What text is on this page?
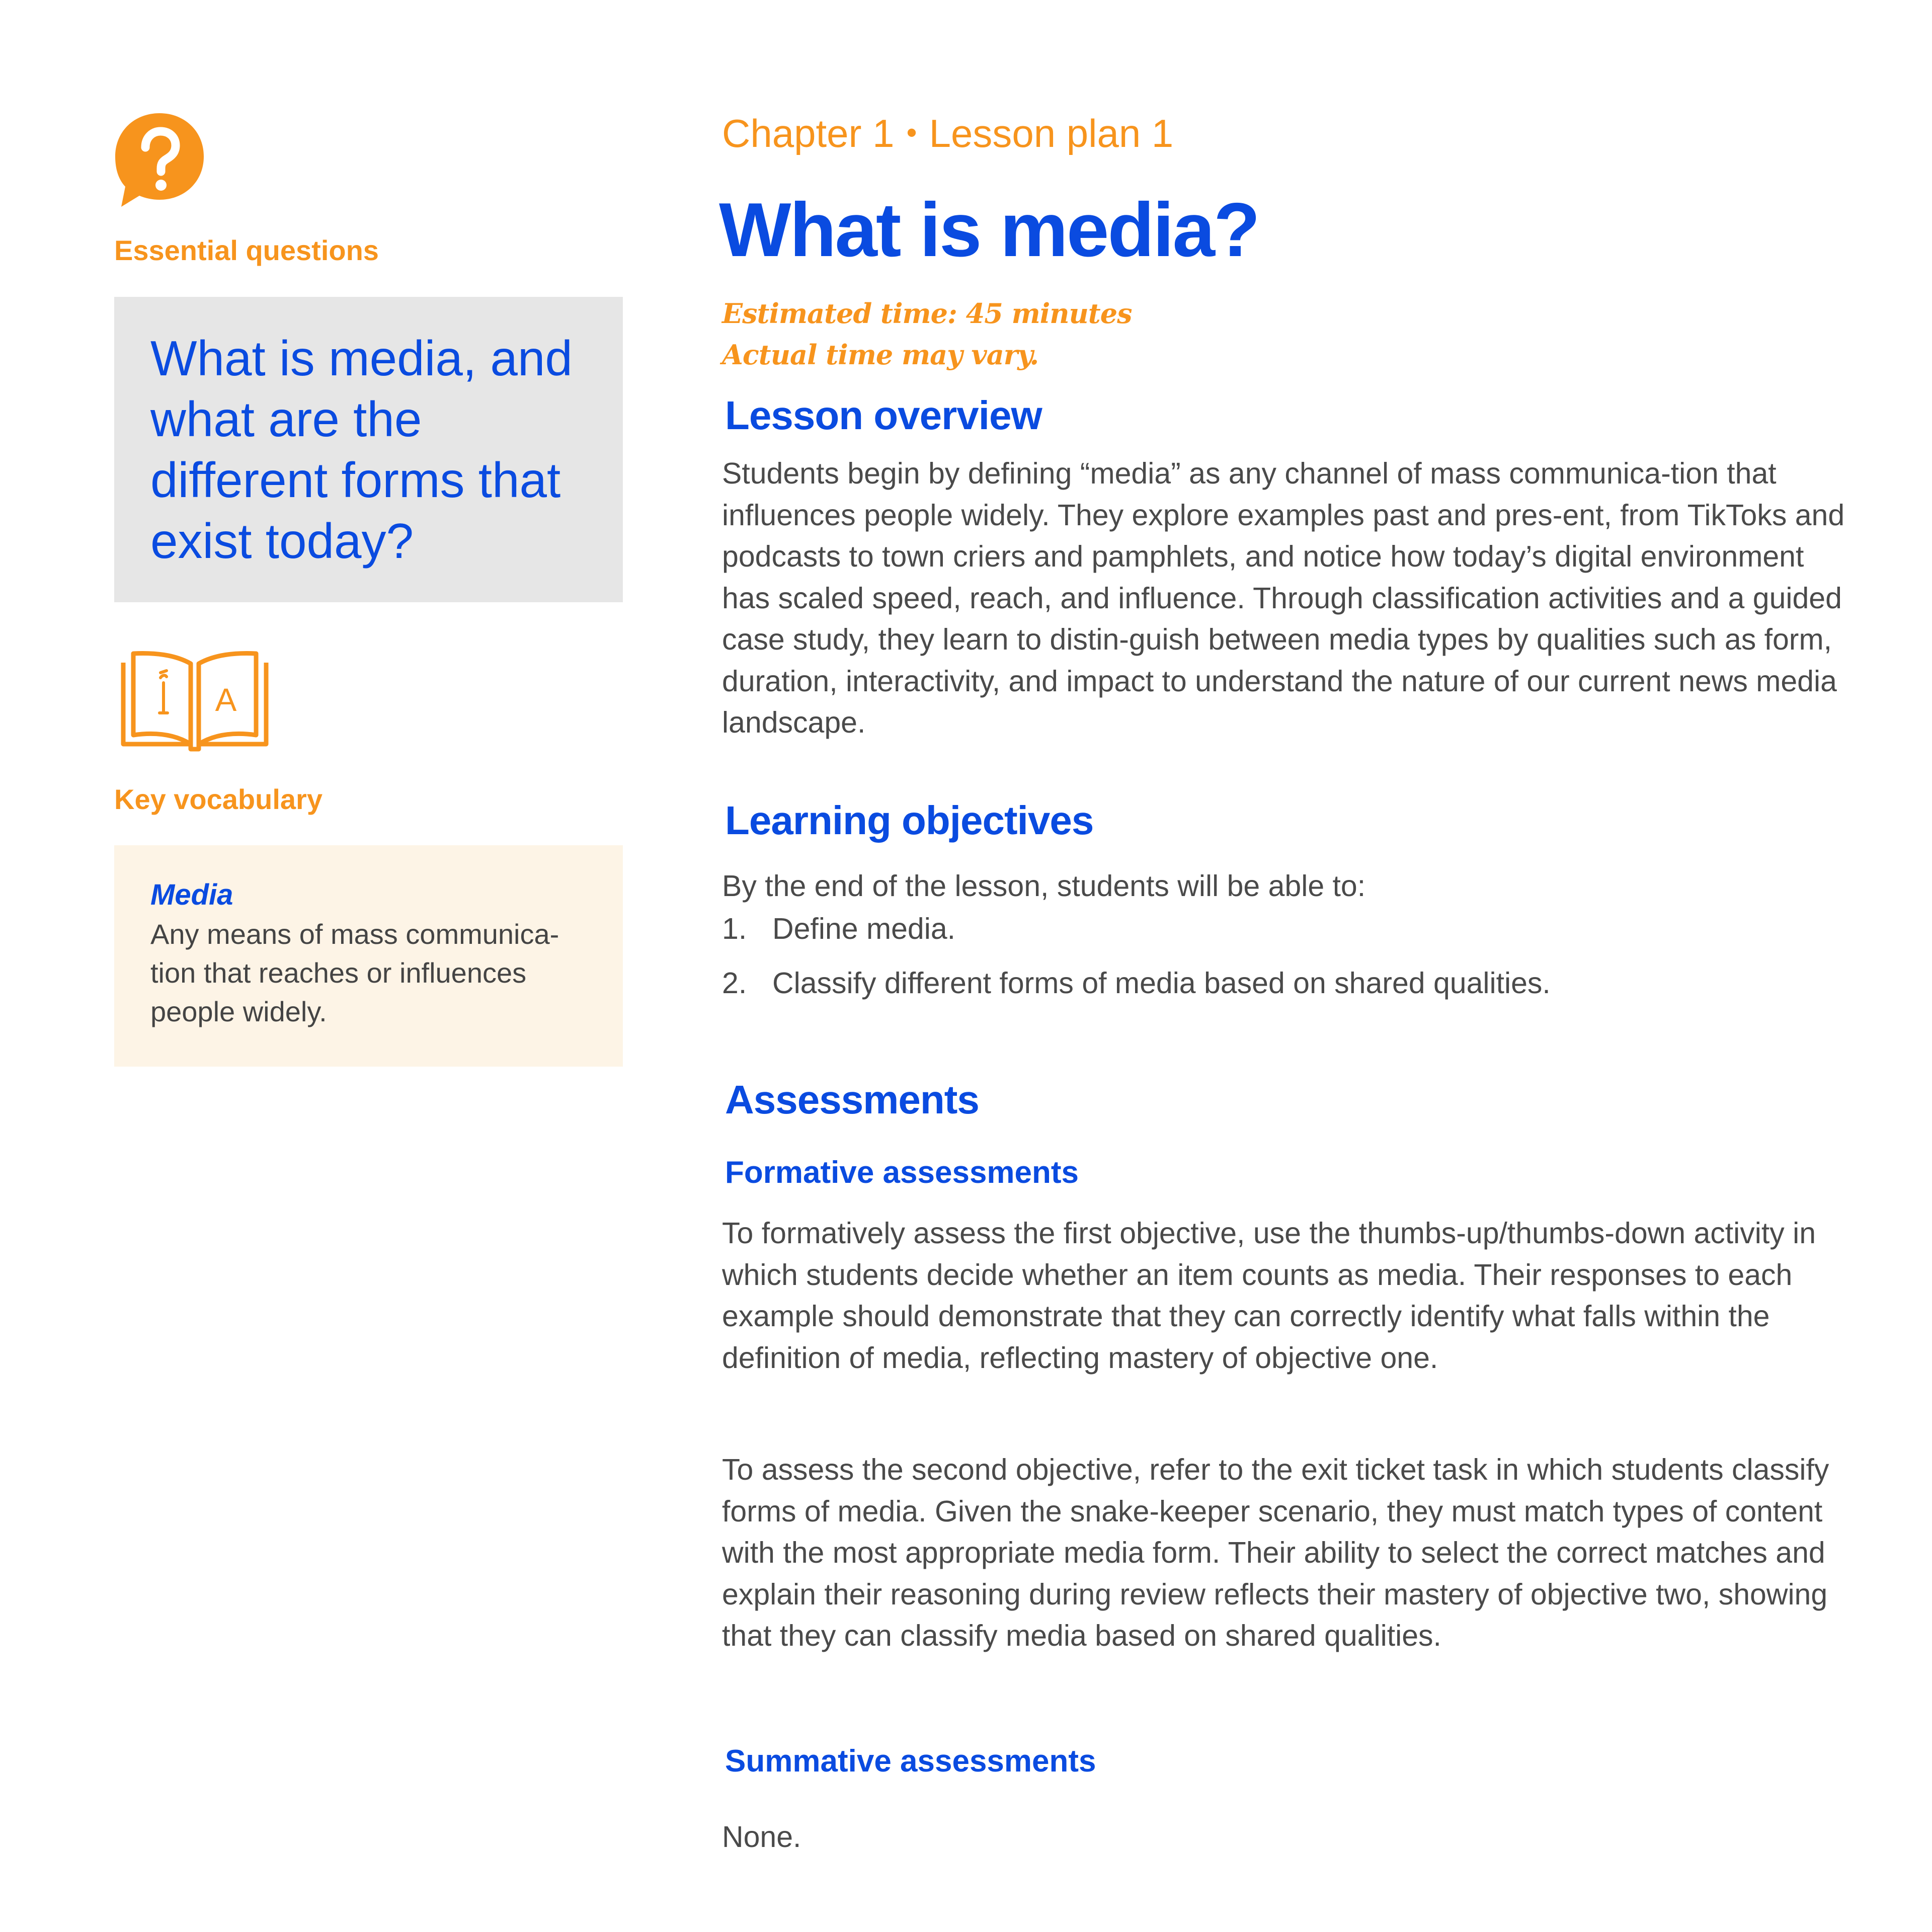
Essential questions

What is media, and what are the different forms that exist today?

A
Key vocabulary
Media
Any means of mass communica-tion that reaches or influences people widely.
Chapter 1 • Lesson plan 1
What is media?
Estimated time: 45 minutes
Actual time may vary.
Lesson overview

Students begin by defining “media” as any channel of mass communica-tion that influences people widely. They explore examples past and pres-ent, from TikToks and podcasts to town criers and pamphlets, and notice how today’s digital environment has scaled speed, reach, and influence. Through classification activities and a guided case study, they learn to distin-guish between media types by qualities such as form, duration, interactivity, and impact to understand the nature of our current news media landscape.

Learning objectives

By the end of the lesson, students will be able to:

1. Define media.
2. Classify different forms of media based on shared qualities.
Assessments
Formative assessments

To formatively assess the first objective, use the thumbs-up/thumbs-down activity in which students decide whether an item counts as media. Their responses to each example should demonstrate that they can correctly identify what falls within the definition of media, reflecting mastery of objective one.

To assess the second objective, refer to the exit ticket task in which students classify forms of media. Given the snake-keeper scenario, they must match types of content with the most appropriate media form. Their ability to select the correct matches and explain their reasoning during review reflects their mastery of objective two, showing that they can classify media based on shared qualities.

Summative assessments

None.
